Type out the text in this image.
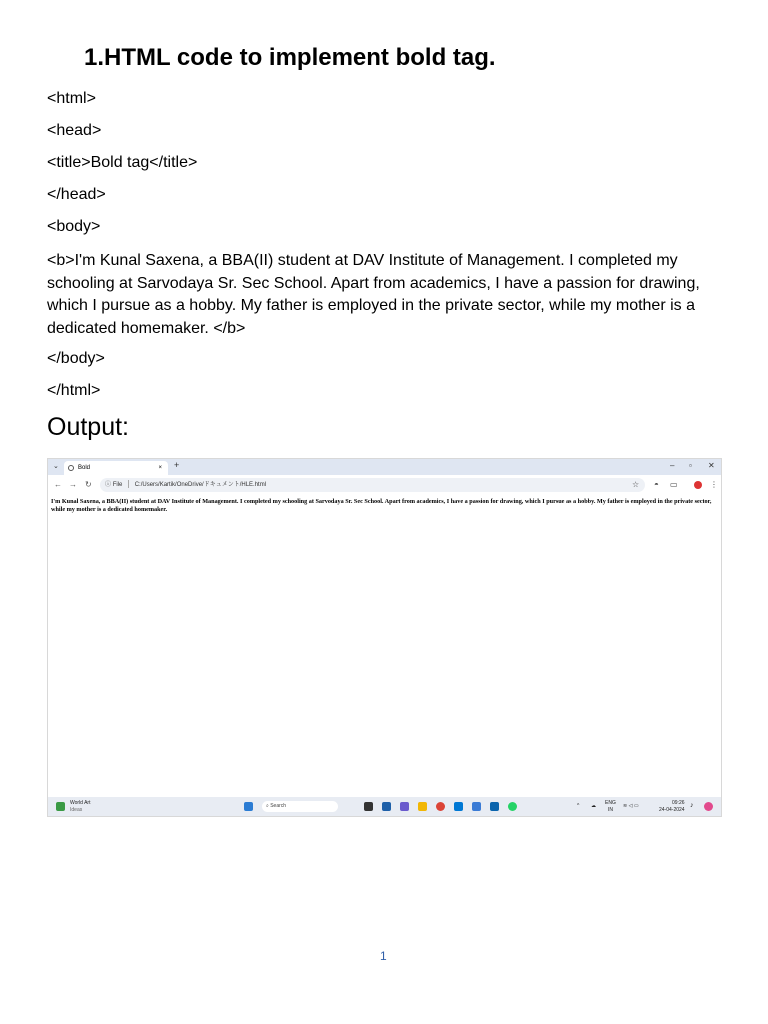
1.HTML code to implement bold tag.
<html>
<head>
<title>Bold tag</title>
</head>
<body>
<b>I'm Kunal Saxena, a BBA(II) student at DAV Institute of Management. I completed my schooling at Sarvodaya Sr. Sec School. Apart from academics, I have a passion for drawing, which I pursue as a hobby. My father is employed in the private sector, while my mother is a dedicated homemaker. </b>
</body>
</html>
Output:
⌄	Bold	× +	– ▫ ✕
← → ↻	ⓘ File C:/Users/Kartik/OneDrive/ドキュメント/HLE.html	☆ ◓ ▭	⋮
I'm Kunal Saxena, a BBA(II) student at DAV Institute of Management. I completed my schooling at Sarvodaya Sr. Sec School. Apart from academics, I have a passion for drawing, which I pursue as a hobby. My father is employed in the private sector, while my mother is a dedicated homemaker.
World Art
Ideas
⌕ Search	^ ☁ ENG
IN
≋ ◁ ▭	09:26
24-04-2024
♪
1
